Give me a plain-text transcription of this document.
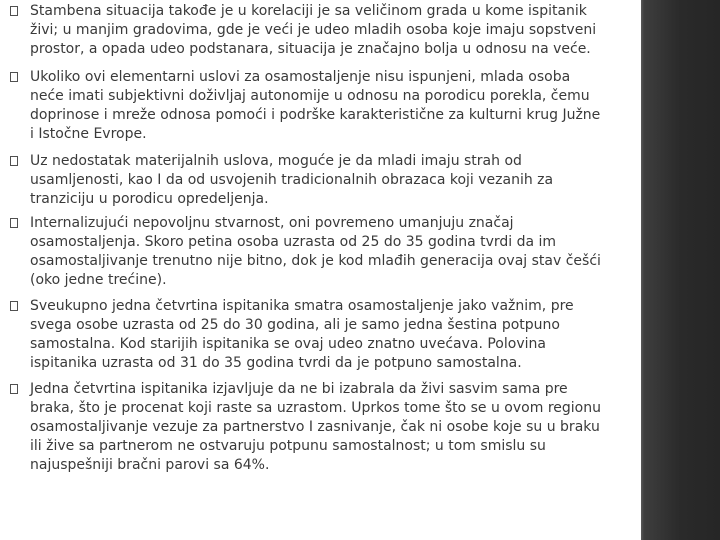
Stambena situacija takođe je u korelaciji je sa veličinom grada u kome ispitanik
živi; u manjim gradovima, gde je veći je udeo mladih osoba koje imaju sopstveni
prostor, a opada udeo podstanara, situacija je značajno bolja u odnosu na veće.

Ukoliko ovi elementarni uslovi za osamostaljenje nisu ispunjeni, mlada osoba
neće imati subjektivni doživljaj autonomije u odnosu na porodicu porekla, čemu
doprinose i mreže odnosa pomoći i podrške karakteristične za kulturni krug Južne
i Istočne Evrope.

Uz nedostatak materijalnih uslova, moguće je da mladi imaju strah od
usamljenosti, kao I da od usvojenih tradicionalnih obrazaca koji vezanih za
tranziciju u porodicu opredeljenja.

Internalizujući nepovoljnu stvarnost, oni povremeno umanjuju značaj
osamostaljenja. Skoro petina osoba uzrasta od 25 do 35 godina tvrdi da im
osamostaljivanje trenutno nije bitno, dok je kod mlađih generacija ovaj stav češći
(oko jedne trećine).

Sveukupno jedna četvrtina ispitanika smatra osamostaljenje jako važnim, pre
svega osobe uzrasta od 25 do 30 godina, ali je samo jedna šestina potpuno
samostalna. Kod starijih ispitanika se ovaj udeo znatno uvećava. Polovina
ispitanika uzrasta od 31 do 35 godina tvrdi da je potpuno samostalna.

Jedna četvrtina ispitanika izjavljuje da ne bi izabrala da živi sasvim sama pre
braka, što je procenat koji raste sa uzrastom. Uprkos tome što se u ovom regionu
osamostaljivanje vezuje za partnerstvo I zasnivanje, čak ni osobe koje su u braku
ili žive sa partnerom ne ostvaruju potpunu samostalnost; u tom smislu su
najuspešniji bračni parovi sa 64%.
